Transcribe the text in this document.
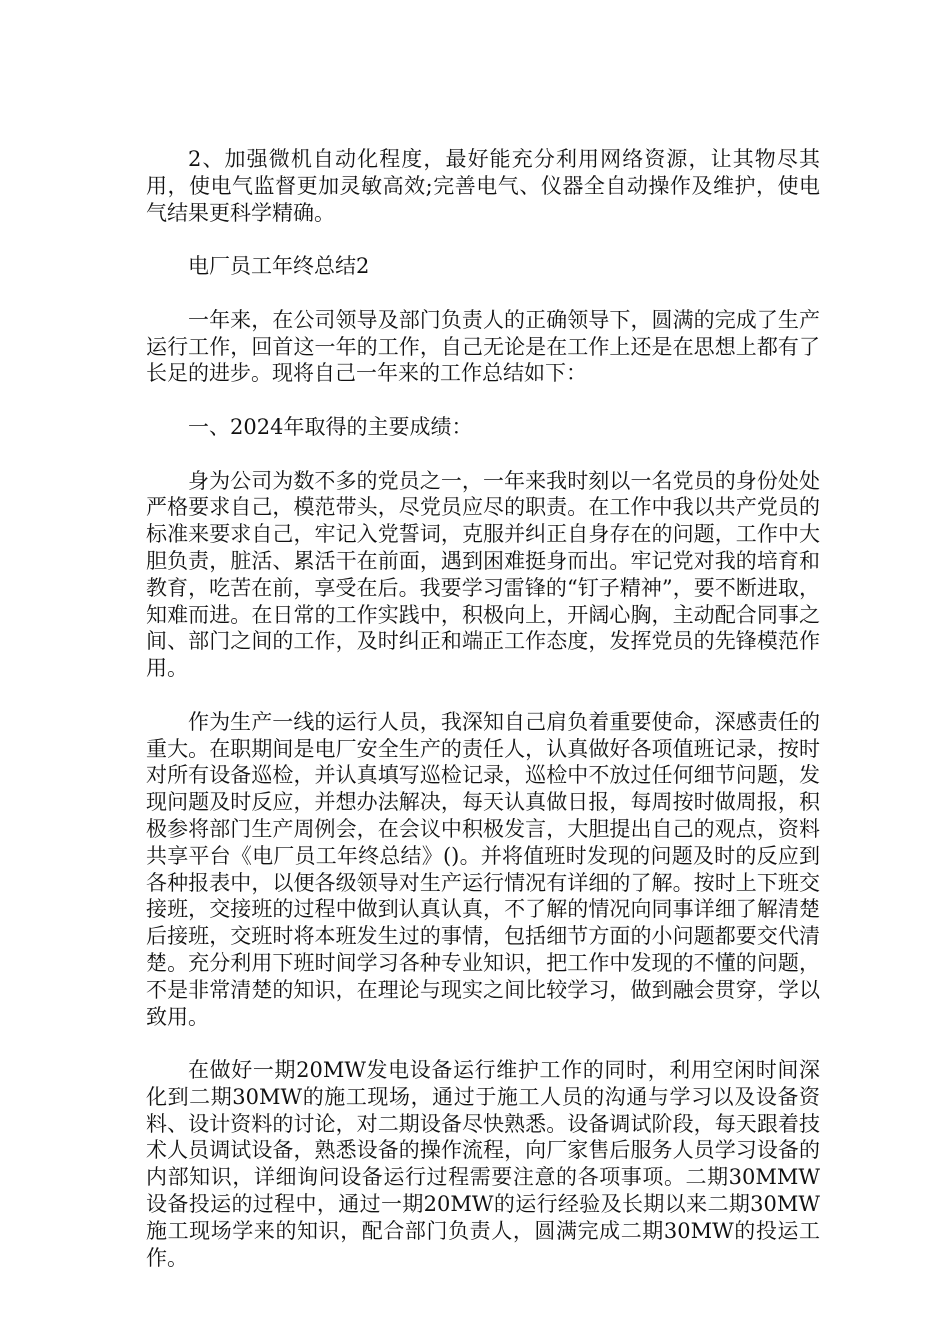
2、加强微机自动化程度，最好能充分利用网络资源，让其物尽其用，使电气监督更加灵敏高效;完善电气、仪器全自动操作及维护，使电气结果更科学精确。

电厂员工年终总结2

一年来，在公司领导及部门负责人的正确领导下，圆满的完成了生产运行工作，回首这一年的工作，自己无论是在工作上还是在思想上都有了长足的进步。现将自己一年来的工作总结如下：

一、2024年取得的主要成绩：

身为公司为数不多的党员之一，一年来我时刻以一名党员的身份处处严格要求自己，模范带头，尽党员应尽的职责。在工作中我以共产党员的标准来要求自己，牢记入党誓词，克服并纠正自身存在的问题，工作中大胆负责，脏活、累活干在前面，遇到困难挺身而出。牢记党对我的培育和教育，吃苦在前，享受在后。我要学习雷锋的“钉子精神”，要不断进取，知难而进。在日常的工作实践中，积极向上，开阔心胸，主动配合同事之间、部门之间的工作，及时纠正和端正工作态度，发挥党员的先锋模范作用。

作为生产一线的运行人员，我深知自己肩负着重要使命，深感责任的重大。在职期间是电厂安全生产的责任人，认真做好各项值班记录，按时对所有设备巡检，并认真填写巡检记录，巡检中不放过任何细节问题，发现问题及时反应，并想办法解决，每天认真做日报，每周按时做周报，积极参将部门生产周例会，在会议中积极发言，大胆提出自己的观点，资料共享平台《电厂员工年终总结》()。并将值班时发现的问题及时的反应到各种报表中，以便各级领导对生产运行情况有详细的了解。按时上下班交接班，交接班的过程中做到认真认真，不了解的情况向同事详细了解清楚后接班，交班时将本班发生过的事情，包括细节方面的小问题都要交代清楚。充分利用下班时间学习各种专业知识，把工作中发现的不懂的问题，不是非常清楚的知识，在理论与现实之间比较学习，做到融会贯穿，学以致用。

在做好一期20MW发电设备运行维护工作的同时，利用空闲时间深化到二期30MW的施工现场，通过于施工人员的沟通与学习以及设备资料、设计资料的讨论，对二期设备尽快熟悉。设备调试阶段，每天跟着技术人员调试设备，熟悉设备的操作流程，向厂家售后服务人员学习设备的内部知识，详细询问设备运行过程需要注意的各项事项。二期30MMW设备投运的过程中，通过一期20MW的运行经验及长期以来二期30MW施工现场学来的知识，配合部门负责人，圆满完成二期30MW的投运工作。
